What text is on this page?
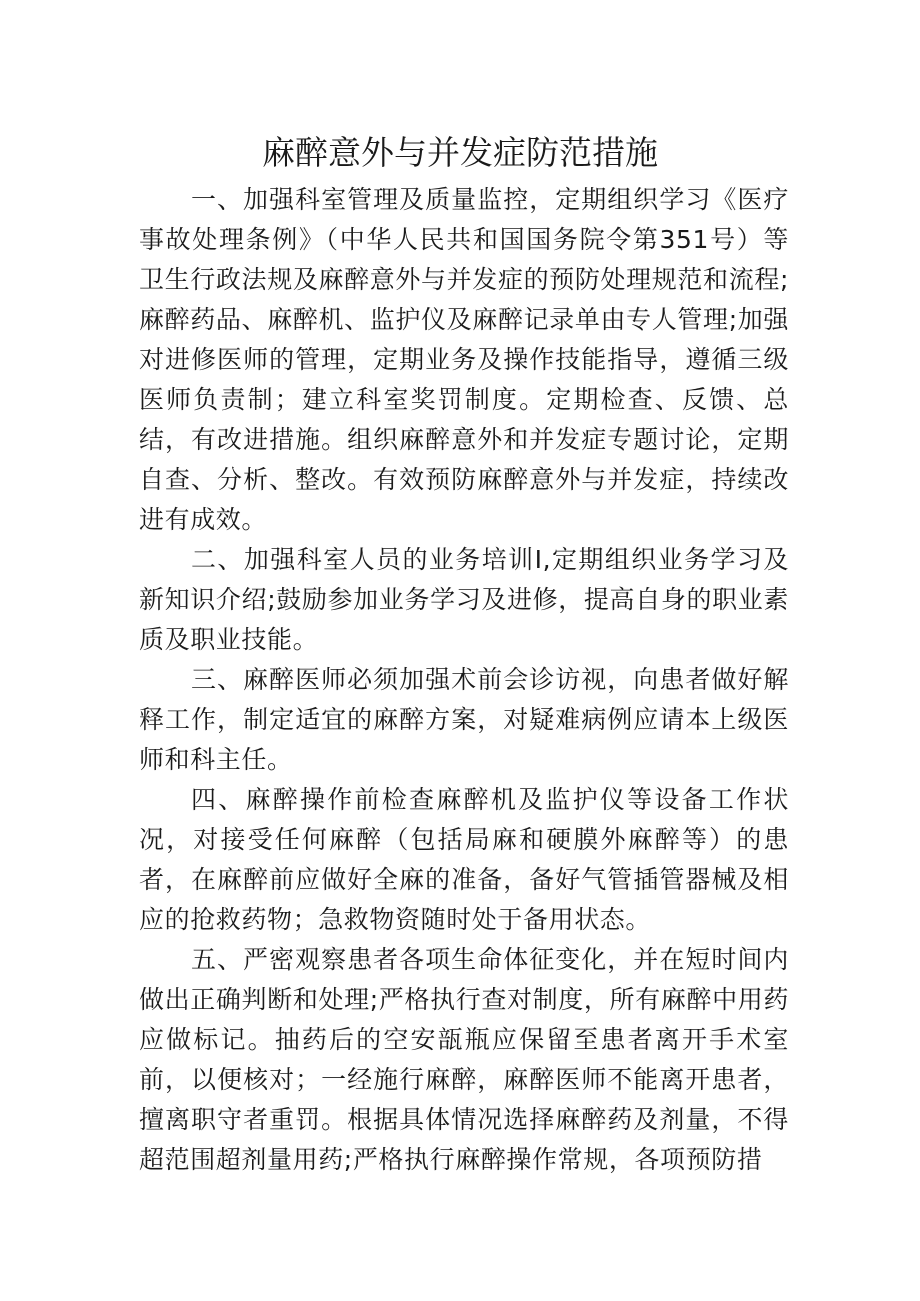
麻醉意外与并发症防范措施

一、加强科室管理及质量监控，定期组织学习《医疗事故处理条例》（中华人民共和国国务院令第351号）等卫生行政法规及麻醉意外与并发症的预防处理规范和流程;麻醉药品、麻醉机、监护仪及麻醉记录单由专人管理;加强对进修医师的管理，定期业务及操作技能指导，遵循三级医师负责制；建立科室奖罚制度。定期检查、反馈、总结，有改进措施。组织麻醉意外和并发症专题讨论，定期自查、分析、整改。有效预防麻醉意外与并发症，持续改进有成效。

二、加强科室人员的业务培训I,定期组织业务学习及新知识介绍;鼓励参加业务学习及进修，提高自身的职业素质及职业技能。

三、麻醉医师必须加强术前会诊访视，向患者做好解释工作，制定适宜的麻醉方案，对疑难病例应请本上级医师和科主任。

四、麻醉操作前检查麻醉机及监护仪等设备工作状况，对接受任何麻醉（包括局麻和硬膜外麻醉等）的患者，在麻醉前应做好全麻的准备，备好气管插管器械及相应的抢救药物；急救物资随时处于备用状态。

五、严密观察患者各项生命体征变化，并在短时间内做出正确判断和处理;严格执行查对制度，所有麻醉中用药应做标记。抽药后的空安瓿瓶应保留至患者离开手术室前，以便核对；一经施行麻醉，麻醉医师不能离开患者，擅离职守者重罚。根据具体情况选择麻醉药及剂量，不得超范围超剂量用药;严格执行麻醉操作常规，各项预防措
